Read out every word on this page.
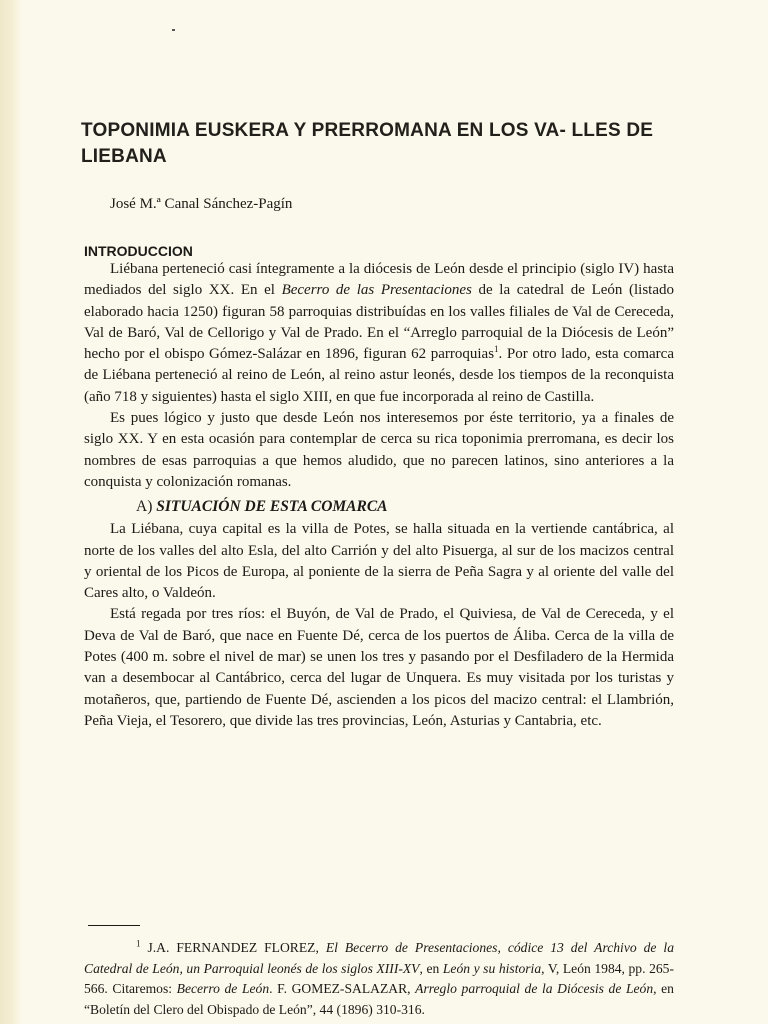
TOPONIMIA EUSKERA Y PRERROMANA EN LOS VA- LLES DE LIEBANA
José M.ª Canal Sánchez-Pagín
INTRODUCCION

Liébana perteneció casi íntegramente a la diócesis de León desde el principio (siglo IV) hasta mediados del siglo XX. En el Becerro de las Presentaciones de la catedral de León (listado elaborado hacia 1250) figuran 58 parroquias distribuídas en los valles filiales de Val de Cereceda, Val de Baró, Val de Cellorigo y Val de Prado. En el “Arreglo parroquial de la Diócesis de León” hecho por el obispo Gómez-Salázar en 1896, figuran 62 parroquias$^1$. Por otro lado, esta comarca de Liébana perteneció al reino de León, al reino astur leonés, desde los tiempos de la reconquista (año 718 y siguientes) hasta el siglo XIII, en que fue incorporada al reino de Castilla.

Es pues lógico y justo que desde León nos interesemos por éste territorio, ya a finales de siglo XX. Y en esta ocasión para contemplar de cerca su rica toponimia prerromana, es decir los nombres de esas parroquias a que hemos aludido, que no parecen latinos, sino anteriores a la conquista y colonización romanas.

A) SITUACIÓN DE ESTA COMARCA

La Liébana, cuya capital es la villa de Potes, se halla situada en la vertiende cantábrica, al norte de los valles del alto Esla, del alto Carrión y del alto Pisuerga, al sur de los macizos central y oriental de los Picos de Europa, al poniente de la sierra de Peña Sagra y al oriente del valle del Cares alto, o Valdeón.

Está regada por tres ríos: el Buyón, de Val de Prado, el Quiviesa, de Val de Cereceda, y el Deva de Val de Baró, que nace en Fuente Dé, cerca de los puertos de Áliba. Cerca de la villa de Potes (400 m. sobre el nivel de mar) se unen los tres y pasando por el Desfiladero de la Hermida van a desembocar al Cantábrico, cerca del lugar de Unquera. Es muy visitada por los turistas y motañeros, que, partiendo de Fuente Dé, ascienden a los picos del macizo central: el Llambrión, Peña Vieja, el Tesorero, que divide las tres provincias, León, Asturias y Cantabria, etc.

$^1$ J.A. FERNANDEZ FLOREZ, El Becerro de Presentaciones, códice 13 del Archivo de la Catedral de León, un Parroquial leonés de los siglos XIII-XV, en León y su historia, V, León 1984, pp. 265-566. Citaremos: Becerro de León. F. GOMEZ-SALAZAR, Arreglo parroquial de la Diócesis de León, en “Boletín del Clero del Obispado de León”, 44 (1896) 310-316.
